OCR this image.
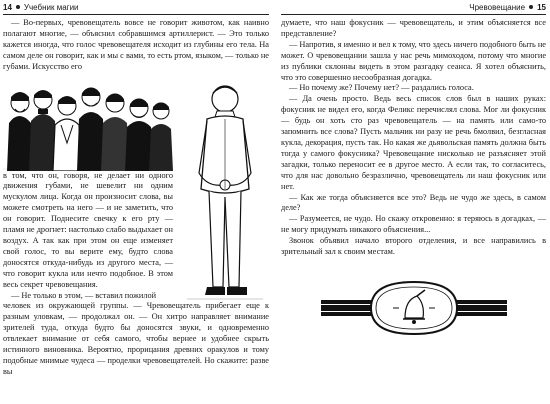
14 Учебник магии

— Во-первых, чревовещатель вовсе не говорит животом, как наивно полагают многие, — объяснил собравшимся артиллерист. — Это только кажется иногда, что голос чревовещателя исходит из глубины его тела. На самом деле он говорит, как и мы с вами, то есть ртом, языком, — только не губами. Искусство его

в том, что он, говоря, не делает ни одного движения губами, не шевелит ни одним мускулом лица. Когда он произносит слова, вы можете смотреть на него — и не заметить, что он говорит. Поднесите свечку к его рту — пламя не дрогнет: настолько слабо выдыхает он воздух. А так как при этом он еще изменяет свой голос, то вы верите ему, будто слова доносятся откуда-нибудь из другого места, — что говорит кукла или нечто подобное. В этом весь секрет чревовещания.

— Не только в этом, — вставил пожилой

человек из окружающей группы. — Чревовещатель прибегает еще к разным уловкам, — продолжал он. — Он хитро направляет внимание зрителей туда, откуда будто бы доносятся звуки, и одновременно отвлекает внимание от себя самого, чтобы вернее и удобнее скрыть истинного виновника. Вероятно, прорицания древних оракулов и тому подобные мнимые чудеса — проделки чревовещателей. Но скажите: разве вы

Чревовещание 15

думаете, что наш фокусник — чревовещатель, и этим объясняется все представление?

— Напротив, я именно и вел к тому, что здесь ничего подобного быть не может. О чревовещании зашла у нас речь мимоходом, потому что многие из публики склонны видеть в этом разгадку сеанса. Я хотел объяснить, что это совершенно несообразная догадка.

— Но почему же? Почему нет? — раздались голоса.

— Да очень просто. Ведь весь список слов был в наших руках: фокусник не видел его, когда Феликс перечислял слова. Мог ли фокусник — будь он хоть сто раз чревовещатель — на память или само-то запомнить все слова? Пусть мальчик ни разу не речь бмолвил, безгласная кукла, декорация, пусть так. Но какая же дьявольская память должна быть тогда у самого фокусника? Чревовещание нисколько не разъясняет этой загадки, только переносит ее в другое место. А если так, то согласитесь, что для нас довольно безразлично, чревовещатель ли наш фокусник или нет.

— Как же тогда объясняется все это? Ведь не чудо же здесь, в самом деле?

— Разумеется, не чудо. Но скажу откровенно: я теряюсь в догадках, — не могу придумать никакого объяснения...

Звонок объявил начало второго отделения, и все направились в зрительный зал к своим местам.
